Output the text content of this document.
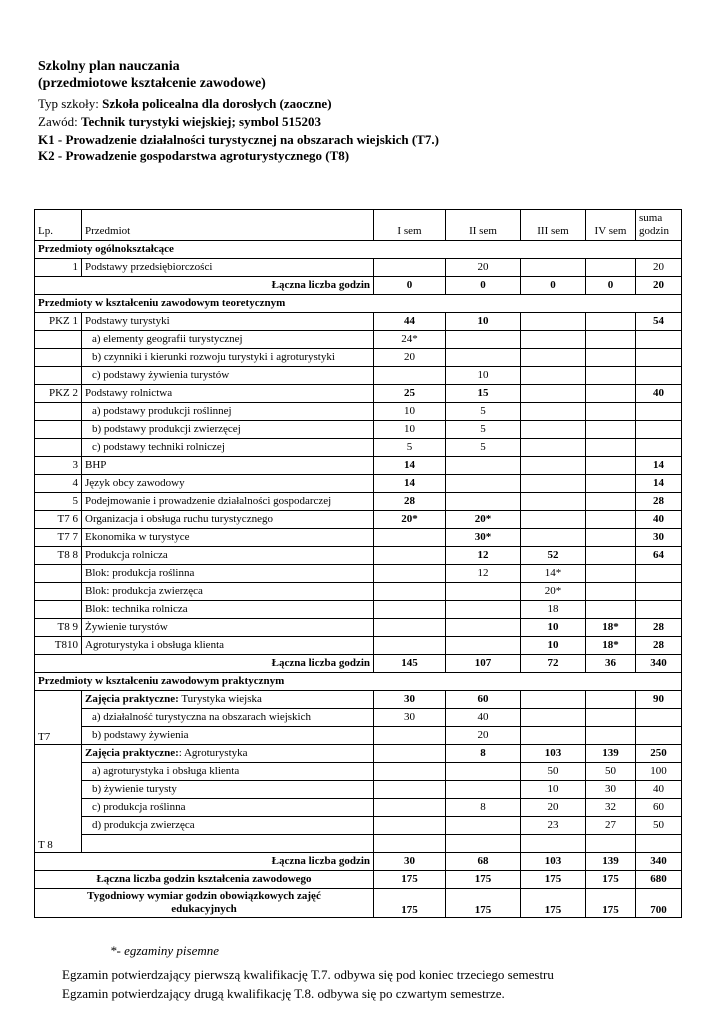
Szkolny plan nauczania
(przedmiotowe kształcenie zawodowe)
Typ szkoły: Szkoła policealna dla dorosłych (zaoczne)
Zawód: Technik turystyki wiejskiej; symbol 515203
K1 - Prowadzenie działalności turystycznej na obszarach wiejskich (T7.)
K2 - Prowadzenie gospodarstwa agroturystycznego (T8)
Lp.	Przedmiot	I sem	II sem	III sem	IV sem	suma
godzin
Przedmioty ogólnokształcące						
1	Podstawy przedsiębiorczości		20			20
Łączna liczba godzin		0	0	0	0	20
Przedmioty w kształceniu zawodowym teoretycznym						
PKZ 1	Podstawy turystyki	44	10			54
	a) elementy geografii turystycznej	24*				
	b) czynniki i kierunki rozwoju turystyki i agroturystyki	20				
	c) podstawy żywienia turystów		10			
PKZ 2	Podstawy rolnictwa	25	15			40
	a) podstawy produkcji roślinnej	10	5			
	b) podstawy produkcji zwierzęcej	10	5			
	c) podstawy techniki rolniczej	5	5			
3	BHP	14				14
4	Język obcy zawodowy	14				14
5	Podejmowanie i prowadzenie działalności gospodarczej	28				28
T7 6	Organizacja i obsługa ruchu turystycznego	20*	20*			40
T7 7	Ekonomika w turystyce		30*			30
T8 8	Produkcja rolnicza		12	52		64
	Blok: produkcja roślinna		12	14*		
	Blok: produkcja zwierzęca			20*		
	Blok: technika rolnicza			18		
T8 9	Żywienie turystów			10	18*	28
T810	Agroturystyka i obsługa klienta			10	18*	28
Łączna liczba godzin		145	107	72	36	340
Przedmioty w kształceniu zawodowym praktycznym						
T7	Zajęcia praktyczne: Turystyka wiejska	30	60			90
	a) działalność turystyczna na obszarach wiejskich	30	40			
	b) podstawy żywienia		20			
T 8	Zajęcia praktyczne:: Agroturystyka		8	103	139	250
	a) agroturystyka i obsługa klienta			50	50	100
	b) żywienie turysty			10	30	40
	c) produkcja roślinna		8	20	32	60
	d) produkcja zwierzęca			23	27	50

Łączna liczba godzin		30	68	103	139	340
Łączna liczba godzin kształcenia zawodowego		175	175	175	175	680
Tygodniowy wymiar godzin obowiązkowych zajęć edukacyjnych		175	175	175	175	700
*- egzaminy pisemne
Egzamin potwierdzający pierwszą kwalifikację T.7. odbywa się pod koniec trzeciego semestru
Egzamin potwierdzający drugą kwalifikację T.8. odbywa się po czwartym semestrze.
